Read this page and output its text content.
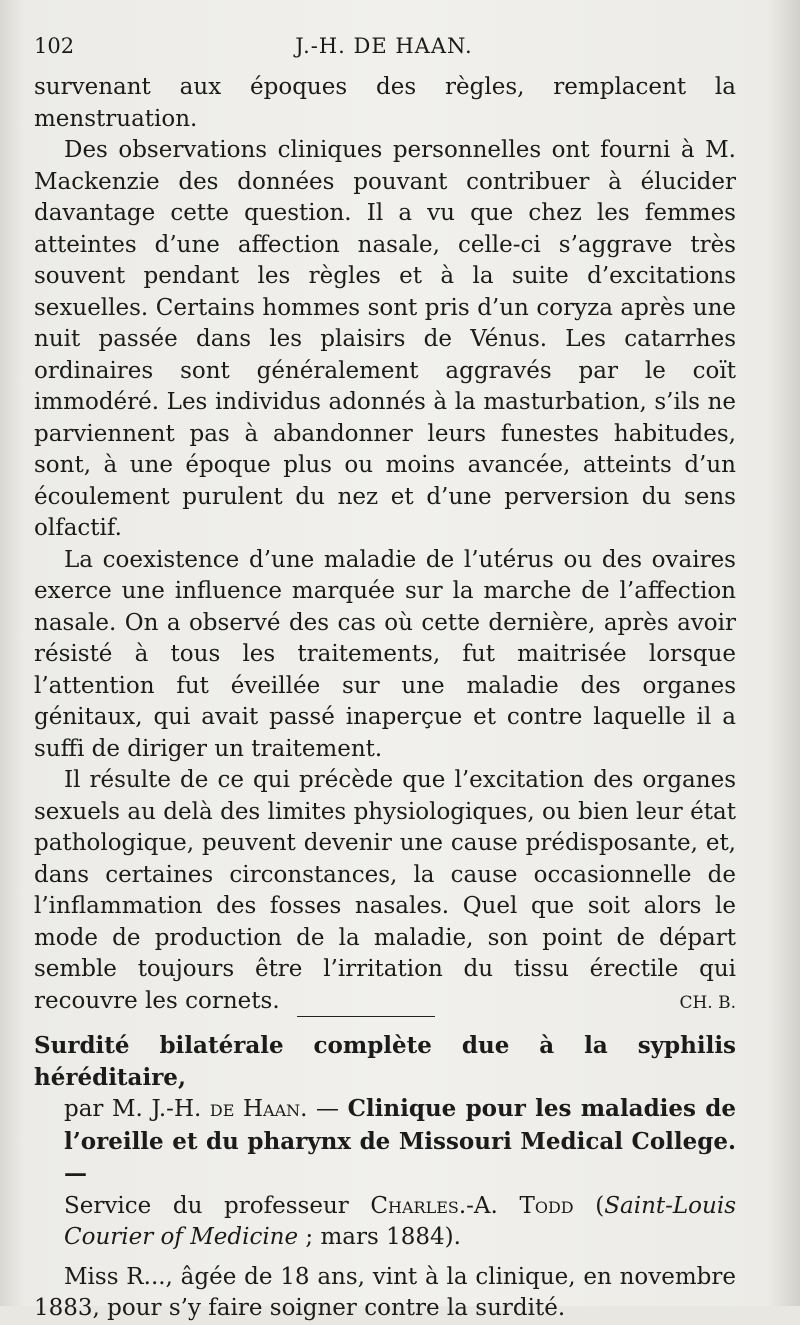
102	J.-H. DE HAAN.

survenant aux époques des règles, remplacent la menstruation.

Des observations cliniques personnelles ont fourni à M. Mackenzie des données pouvant contribuer à élucider davantage cette question. Il a vu que chez les femmes atteintes d’une affection nasale, celle-ci s’aggrave très souvent pendant les règles et à la suite d’excitations sexuelles. Certains hommes sont pris d’un coryza après une nuit passée dans les plaisirs de Vénus. Les catarrhes ordinaires sont généralement aggravés par le coït immodéré. Les individus adonnés à la masturbation, s’ils ne parviennent pas à abandonner leurs funestes habitudes, sont, à une époque plus ou moins avancée, atteints d’un écoulement purulent du nez et d’une perversion du sens olfactif.

La coexistence d’une maladie de l’utérus ou des ovaires exerce une influence marquée sur la marche de l’affection nasale. On a observé des cas où cette dernière, après avoir résisté à tous les traitements, fut maitrisée lorsque l’attention fut éveillée sur une maladie des organes génitaux, qui avait passé inaperçue et contre laquelle il a suffi de diriger un traitement.

Il résulte de ce qui précède que l’excitation des organes sexuels au delà des limites physiologiques, ou bien leur état pathologique, peuvent devenir une cause prédisposante, et, dans certaines circonstances, la cause occasionnelle de l’inflammation des fosses nasales. Quel que soit alors le mode de production de la maladie, son point de départ semble toujours être l’irritation du tissu érectile qui recouvre les cornets.	CH. B.

Surdité bilatérale complète due à la syphilis héréditaire,

par M. J.-H. de Haan. — Clinique pour les maladies de l’oreille et du pharynx de Missouri Medical College. —

Service du professeur Charles.-A. Todd (Saint-Louis Courier of Medicine ; mars 1884).

Miss R..., âgée de 18 ans, vint à la clinique, en novembre 1883, pour s’y faire soigner contre la surdité.
